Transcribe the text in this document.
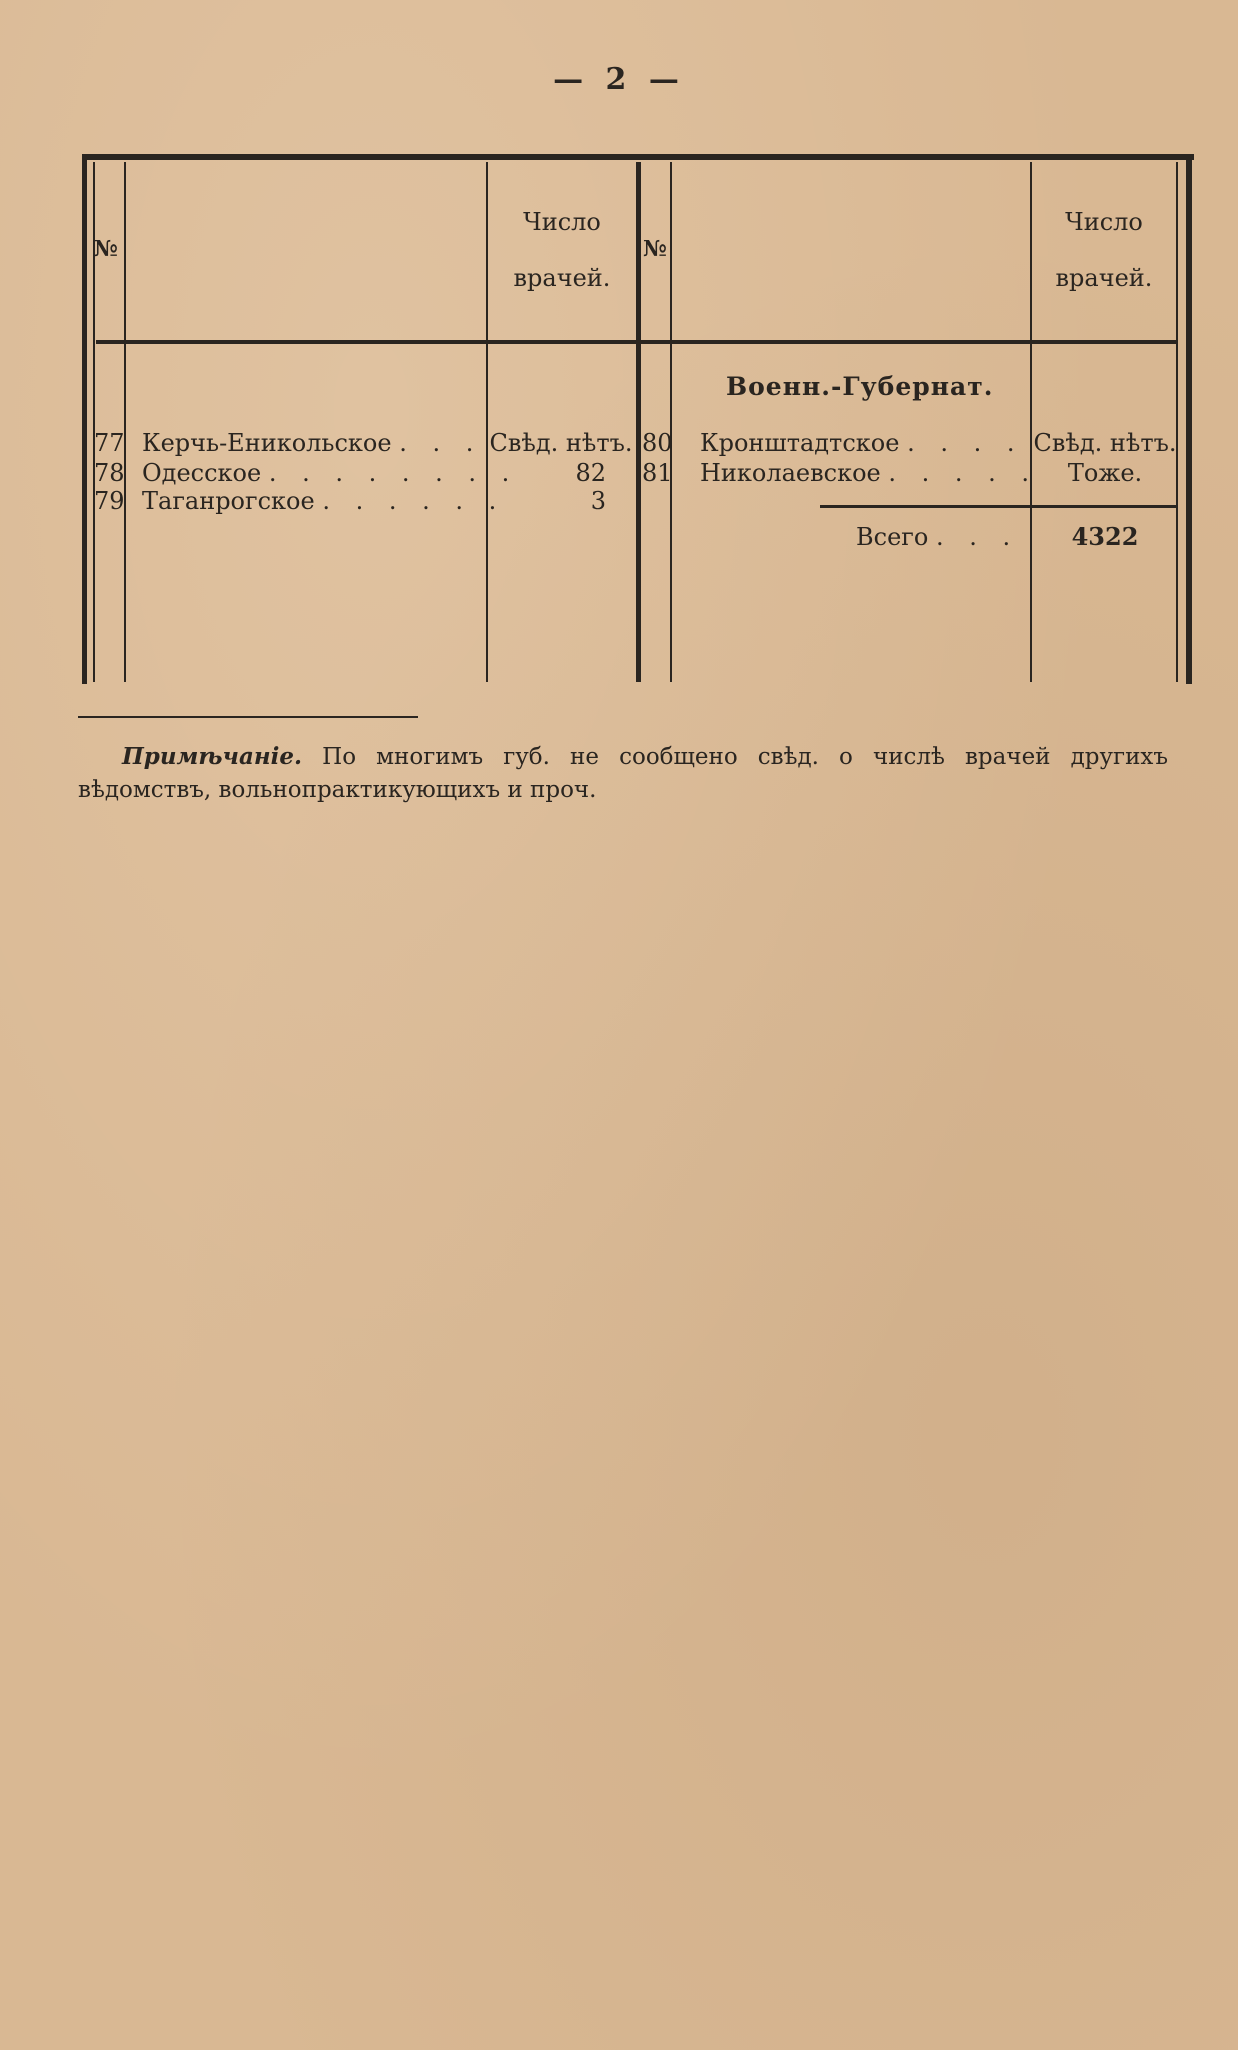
— 2 —
№
Число
врачей.
№
Число
врачей.
77 Керчь-Еникольское . . . Свѣд. нѣтъ.
78 Одесское . . . . . . . .	82
79 Таганрогское . . . . . .	3
Военн.-Губернат.
80 Кронштадтское . . . . Свѣд. нѣтъ.
81 Николаевское . . . . .	Тоже.
Всего . . .	4322
Примѣчаніе. По многимъ губ. не сообщено свѣд. о числѣ врачей другихъ вѣдомствъ, вольнопрактикующихъ и проч.
